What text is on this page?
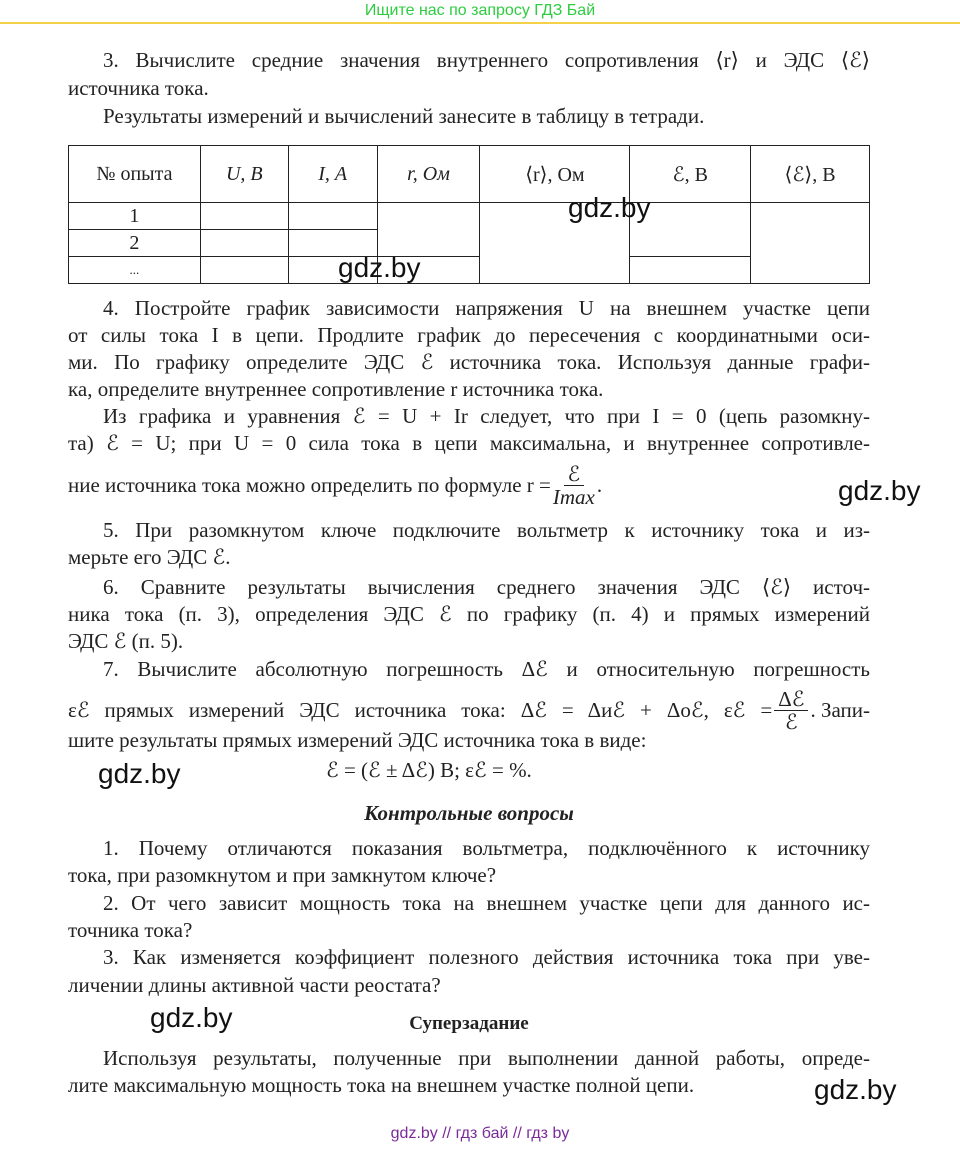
Ищите нас по запросу ГДЗ Бай
3. Вычислите средние значения внутреннего сопротивления ⟨r⟩ и ЭДС ⟨ℰ⟩
источника тока.
Результаты измерений и вычислений занесите в таблицу в тетради.
№ опыта	U, В	I, А	r, Ом	⟨r⟩, Ом	ℰ, В	⟨ℰ⟩, В
1						
2						
...						
4. Постройте график зависимости напряжения U на внешнем участке цепи
от силы тока I в цепи. Продлите график до пересечения с координатными оси-
ми. По графику определите ЭДС ℰ источника тока. Используя данные графи-
ка, определите внутреннее сопротивление r источника тока.
Из графика и уравнения ℰ = U + Ir следует, что при I = 0 (цепь разомкну-
та) ℰ = U; при U = 0 сила тока в цепи максимальна, и внутреннее сопротивле-
ние источника тока можно определить по формуле $r = \frac{\text{ℰ}}{Imax}$ .
5. При разомкнутом ключе подключите вольтметр к источнику тока и из-
мерьте его ЭДС ℰ.
6. Сравните результаты вычисления среднего значения ЭДС ⟨ℰ⟩ источ-
ника тока (п. 3), определения ЭДС ℰ по графику (п. 4) и прямых измерений
ЭДС ℰ (п. 5).
7. Вычислите абсолютную погрешность Δℰ и относительную погрешность
εℰ прямых измерений ЭДС источника тока: Δℰ = Δиℰ + Δоℰ, εℰ = $\frac{\text{Δℰ}}{\text{ℰ}}$ . Запи-
шите результаты прямых измерений ЭДС источника тока в виде:
ℰ = (ℰ ± Δℰ) В; εℰ = %.
Контрольные вопросы
1. Почему отличаются показания вольтметра, подключённого к источнику
тока, при разомкнутом и при замкнутом ключе?
2. От чего зависит мощность тока на внешнем участке цепи для данного ис-
точника тока?
3. Как изменяется коэффициент полезного действия источника тока при уве-
личении длины активной части реостата?
Суперзадание
Используя результаты, полученные при выполнении данной работы, опреде-
лите максимальную мощность тока на внешнем участке полной цепи.
gdz.by
gdz.by
gdz.by
gdz.by
gdz.by
gdz.by
gdz.by // гдз бай // гдз by
